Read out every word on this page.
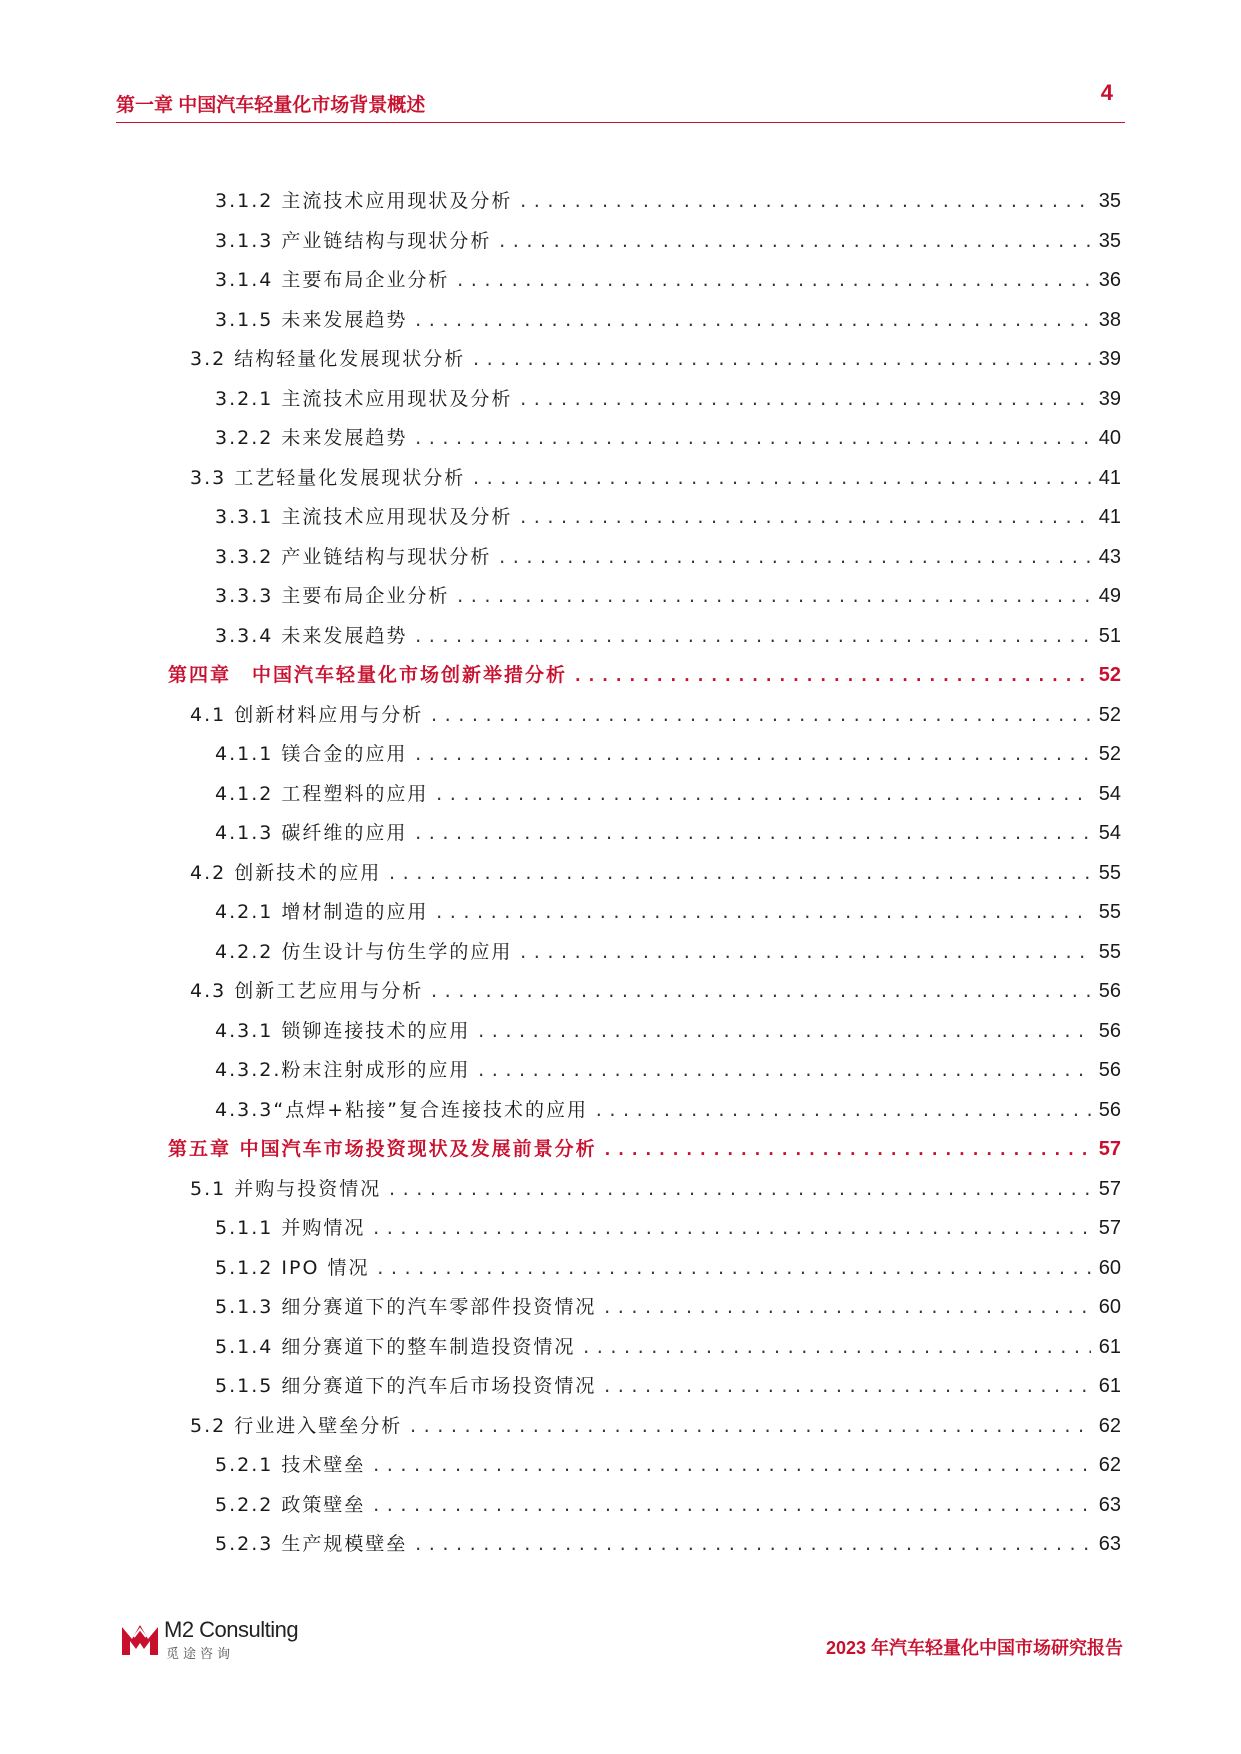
第一章 中国汽车轻量化市场背景概述
4
3.1.2 主流技术应用现状及分析 .....	35
3.1.3 产业链结构与现状分析 .....	35
3.1.4 主要布局企业分析 .....	36
3.1.5 未来发展趋势 .....	38
3.2 结构轻量化发展现状分析 .....	39
3.2.1 主流技术应用现状及分析 .....	39
3.2.2 未来发展趋势 .....	40
3.3 工艺轻量化发展现状分析 .....	41
3.3.1 主流技术应用现状及分析 .....	41
3.3.2 产业链结构与现状分析 .....	43
3.3.3 主要布局企业分析 .....	49
3.3.4 未来发展趋势 .....	51
第四章　中国汽车轻量化市场创新举措分析 .....	52
4.1 创新材料应用与分析 .....	52
4.1.1 镁合金的应用 .....	52
4.1.2 工程塑料的应用 .....	54
4.1.3 碳纤维的应用 .....	54
4.2 创新技术的应用 .....	55
4.2.1 增材制造的应用 .....	55
4.2.2 仿生设计与仿生学的应用 .....	55
4.3 创新工艺应用与分析 .....	56
4.3.1 锁铆连接技术的应用 .....	56
4.3.2.粉末注射成形的应用 .....	56
4.3.3“点焊+粘接”复合连接技术的应用 .....	56
第五章 中国汽车市场投资现状及发展前景分析 .....	57
5.1 并购与投资情况 .....	57
5.1.1 并购情况 .....	57
5.1.2 IPO 情况 .....	60
5.1.3 细分赛道下的汽车零部件投资情况 .....	60
5.1.4 细分赛道下的整车制造投资情况 .....	61
5.1.5 细分赛道下的汽车后市场投资情况 .....	61
5.2 行业进入壁垒分析 .....	62
5.2.1 技术壁垒 .....	62
5.2.2 政策壁垒 .....	63
5.2.3 生产规模壁垒 .....	63
M2 Consulting
觅途咨询	2023 年汽车轻量化中国市场研究报告
